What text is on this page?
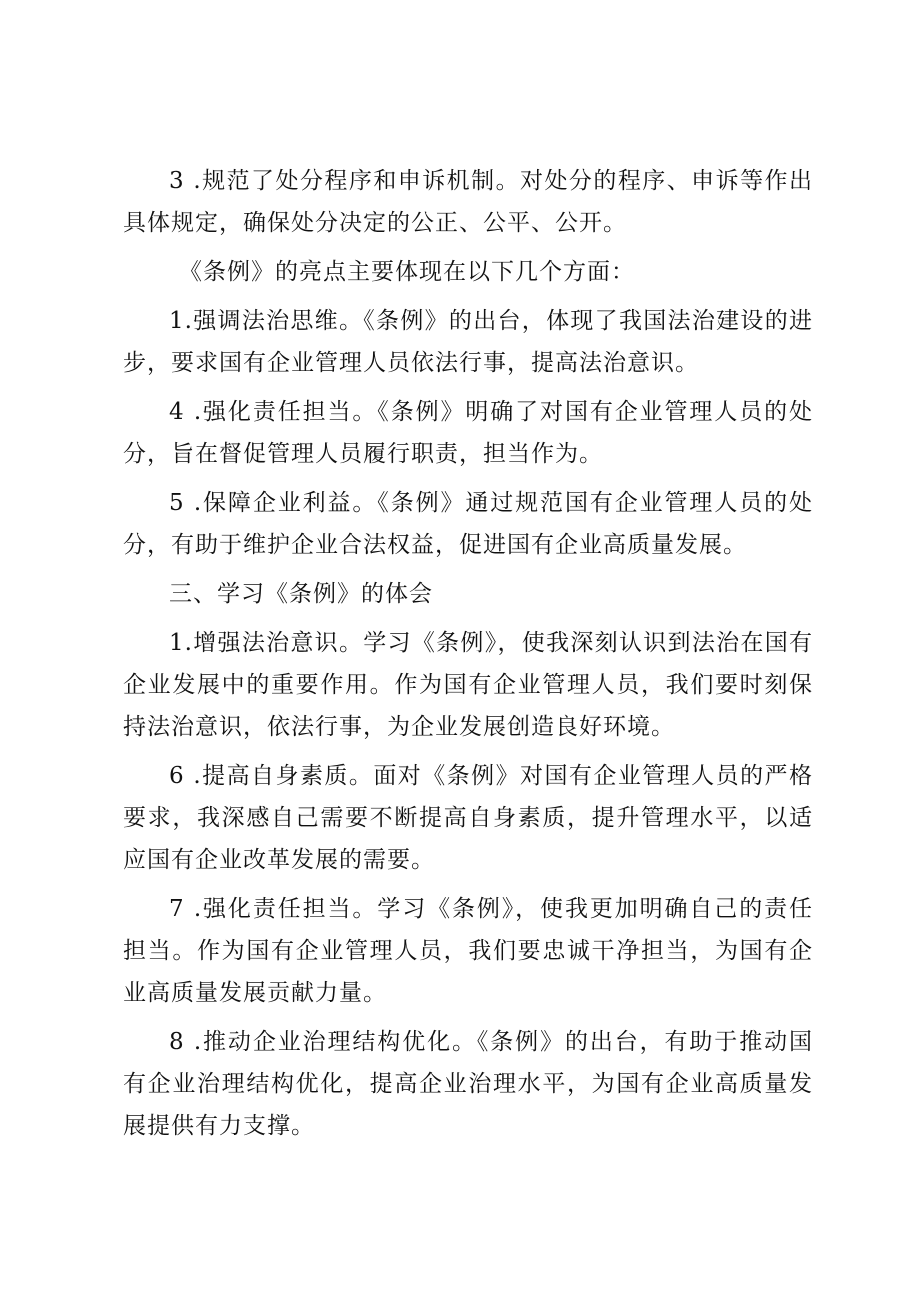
3 .规范了处分程序和申诉机制。对处分的程序、申诉等作出具体规定，确保处分决定的公正、公平、公开。

《条例》的亮点主要体现在以下几个方面：

1.强调法治思维。《条例》的出台，体现了我国法治建设的进步，要求国有企业管理人员依法行事，提高法治意识。

4 .强化责任担当。《条例》明确了对国有企业管理人员的处分，旨在督促管理人员履行职责，担当作为。

5 .保障企业利益。《条例》通过规范国有企业管理人员的处分，有助于维护企业合法权益，促进国有企业高质量发展。

三、学习《条例》的体会

1.增强法治意识。学习《条例》，使我深刻认识到法治在国有企业发展中的重要作用。作为国有企业管理人员，我们要时刻保持法治意识，依法行事，为企业发展创造良好环境。

6 .提高自身素质。面对《条例》对国有企业管理人员的严格要求，我深感自己需要不断提高自身素质，提升管理水平，以适应国有企业改革发展的需要。

7 .强化责任担当。学习《条例》，使我更加明确自己的责任担当。作为国有企业管理人员，我们要忠诚干净担当，为国有企业高质量发展贡献力量。

8 .推动企业治理结构优化。《条例》的出台，有助于推动国有企业治理结构优化，提高企业治理水平，为国有企业高质量发展提供有力支撑。
